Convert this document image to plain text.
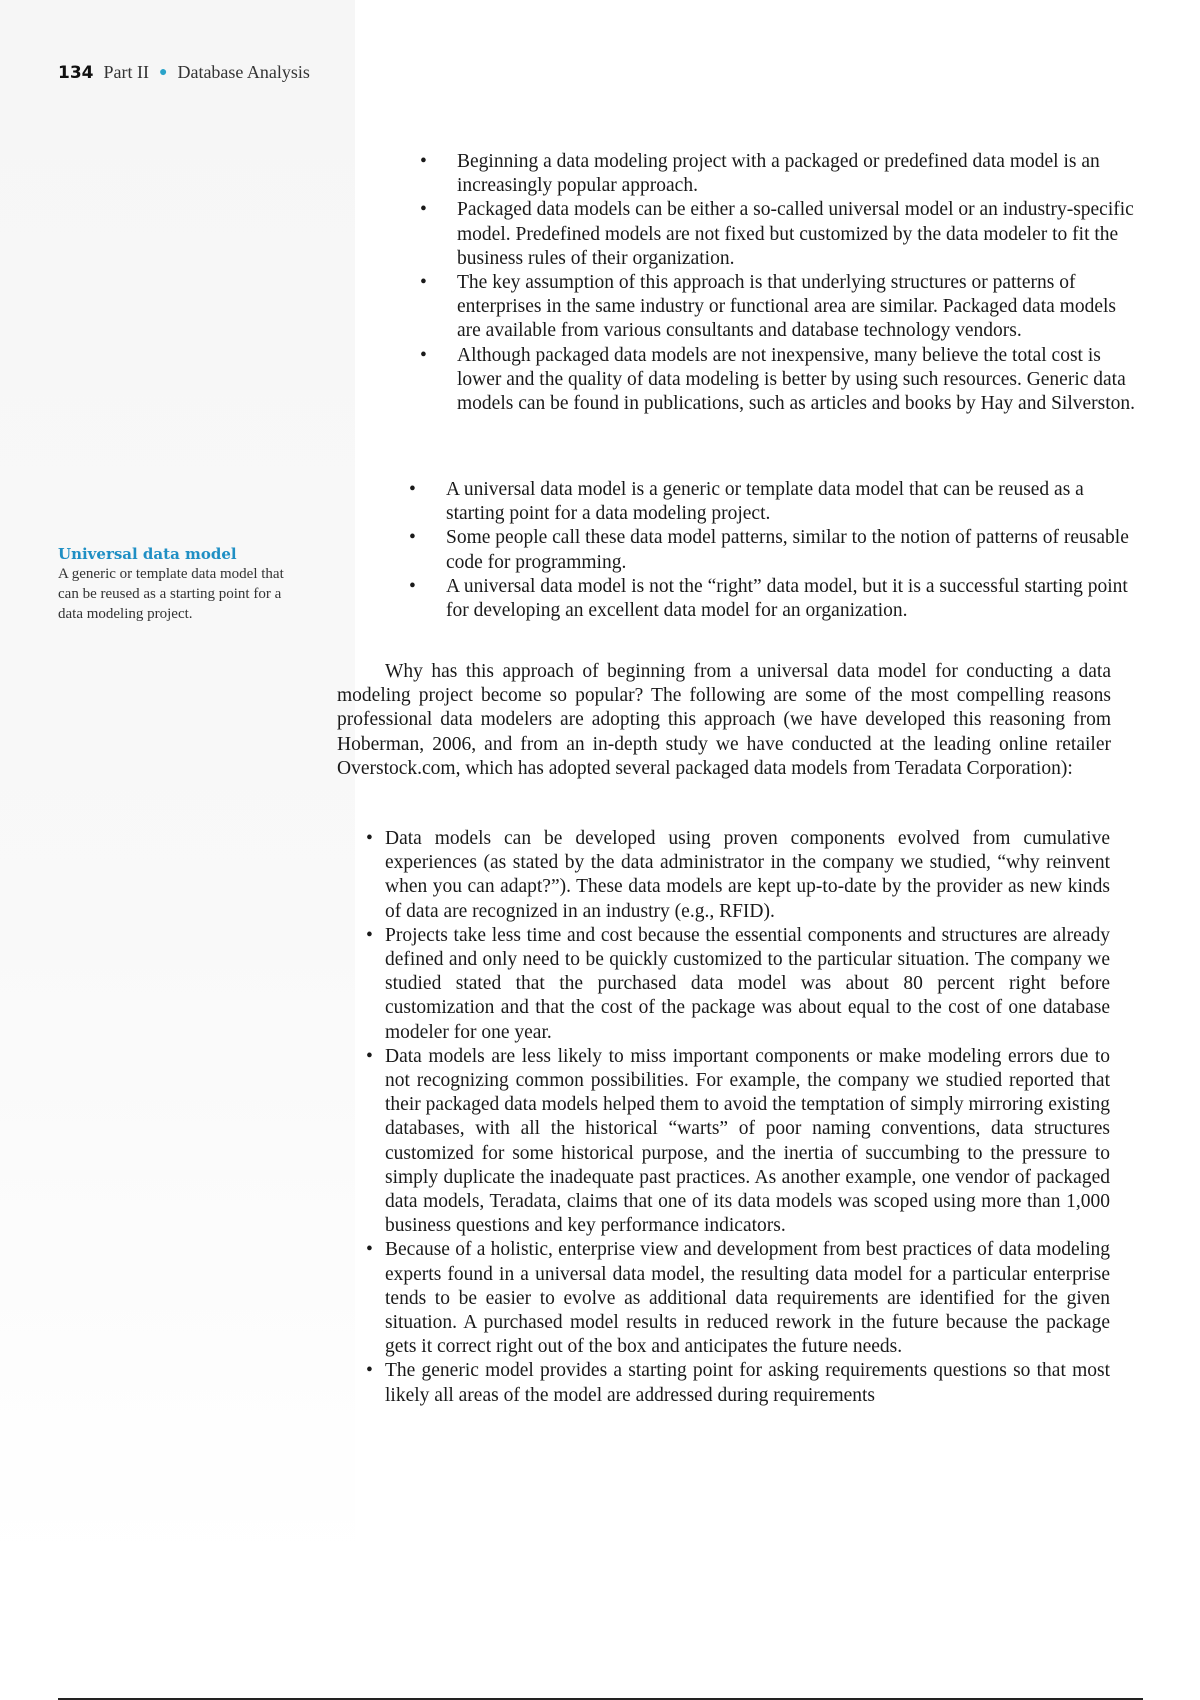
134 Part II ● Database Analysis
Universal data model
A generic or template data model that can be reused as a starting point for a data modeling project.
• Beginning a data modeling project with a packaged or predefined data model is an increasingly popular approach.
• Packaged data models can be either a so-called universal model or an industry-specific model. Predefined models are not fixed but customized by the data modeler to fit the business rules of their organization.
• The key assumption of this approach is that underlying structures or patterns of enterprises in the same industry or functional area are similar. Packaged data models are available from various consultants and database technology vendors.
• Although packaged data models are not inexpensive, many believe the total cost is lower and the quality of data modeling is better by using such resources. Generic data models can be found in publications, such as articles and books by Hay and Silverston.
• A universal data model is a generic or template data model that can be reused as a starting point for a data modeling project.
• Some people call these data model patterns, similar to the notion of patterns of reusable code for programming.
• A universal data model is not the “right” data model, but it is a successful starting point for developing an excellent data model for an organization.

Why has this approach of beginning from a universal data model for conducting a data modeling project become so popular? The following are some of the most compelling reasons professional data modelers are adopting this approach (we have developed this reasoning from Hoberman, 2006, and from an in-depth study we have conducted at the leading online retailer Overstock.com, which has adopted several packaged data models from Teradata Corporation):

• Data models can be developed using proven components evolved from cumulative experiences (as stated by the data administrator in the company we studied, “why reinvent when you can adapt?”). These data models are kept up-to-date by the provider as new kinds of data are recognized in an industry (e.g., RFID).
• Projects take less time and cost because the essential components and structures are already defined and only need to be quickly customized to the particular situation. The company we studied stated that the purchased data model was about 80 percent right before customization and that the cost of the package was about equal to the cost of one database modeler for one year.
• Data models are less likely to miss important components or make modeling errors due to not recognizing common possibilities. For example, the company we studied reported that their packaged data models helped them to avoid the temptation of simply mirroring existing databases, with all the historical “warts” of poor naming conventions, data structures customized for some historical purpose, and the inertia of succumbing to the pressure to simply duplicate the inadequate past practices. As another example, one vendor of packaged data models, Teradata, claims that one of its data models was scoped using more than 1,000 business questions and key performance indicators.
• Because of a holistic, enterprise view and development from best practices of data modeling experts found in a universal data model, the resulting data model for a particular enterprise tends to be easier to evolve as additional data requirements are identified for the given situation. A purchased model results in reduced rework in the future because the package gets it correct right out of the box and anticipates the future needs.
• The generic model provides a starting point for asking requirements questions so that most likely all areas of the model are addressed during requirements
